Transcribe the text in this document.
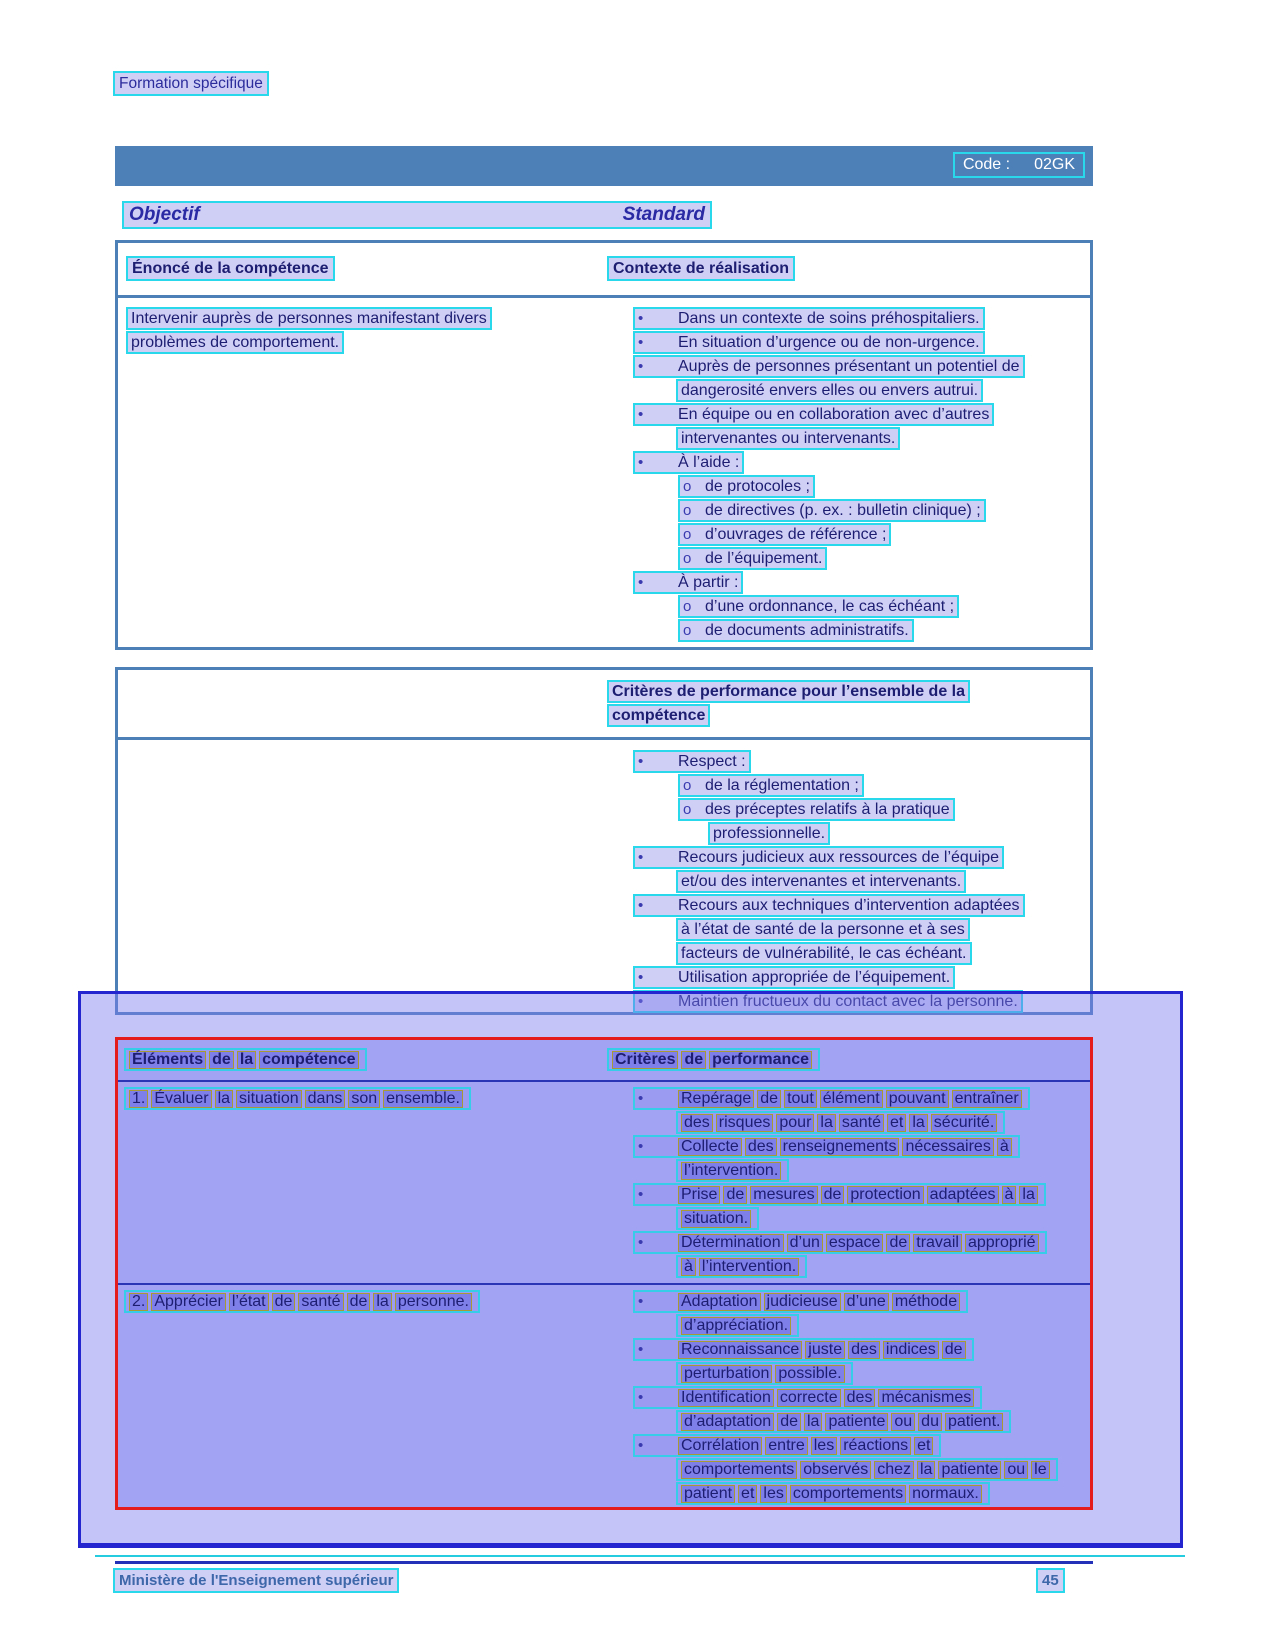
Formation spécifique
Code : 02GK
Objectif	Standard
Énoncé de la compétence	Contexte de réalisation
Intervenir auprès de personnes manifestant divers
problèmes de comportement.
• Dans un contexte de soins préhospitaliers.
• En situation d’urgence ou de non-urgence.
• Auprès de personnes présentant un potentiel de
dangerosité envers elles ou envers autrui.
• En équipe ou en collaboration avec d’autres
intervenantes ou intervenants.
• À l’aide :
o de protocoles ;
o de directives (p. ex. : bulletin clinique) ;
o d’ouvrages de référence ;
o de l’équipement.
• À partir :
o d’une ordonnance, le cas échéant ;
o de documents administratifs.
Critères de performance pour l’ensemble de la
compétence
• Respect :
o de la réglementation ;
o des préceptes relatifs à la pratique
professionnelle.
• Recours judicieux aux ressources de l’équipe
et/ou des intervenantes et intervenants.
• Recours aux techniques d’intervention adaptées
à l’état de santé de la personne et à ses
facteurs de vulnérabilité, le cas échéant.
• Utilisation appropriée de l’équipement.
• Maintien fructueux du contact avec la personne.
Éléments de la compétence	Critères de performance
1. Évaluer la situation dans son ensemble.	• Repérage de tout élément pouvant entraîner
des risques pour la santé et la sécurité.
• Collecte des renseignements nécessaires à
l’intervention.
• Prise de mesures de protection adaptées à la
situation.
• Détermination d’un espace de travail approprié
à l’intervention.
2. Apprécier l’état de santé de la personne.	• Adaptation judicieuse d’une méthode
d’appréciation.
• Reconnaissance juste des indices de
perturbation possible.
• Identification correcte des mécanismes
d’adaptation de la patiente ou du patient.
• Corrélation entre les réactions et
comportements observés chez la patiente ou le
patient et les comportements normaux.
Ministère de l'Enseignement supérieur	45
